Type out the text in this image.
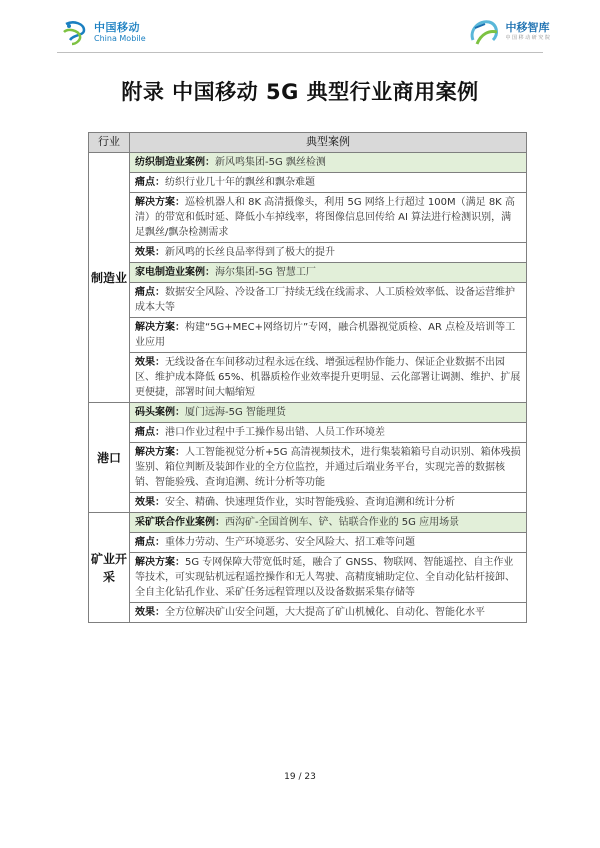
中国移动
China Mobile
中移智库
中 国 移 动 研 究 院
附录 中国移动 5G 典型行业商用案例
行业	典型案例
制造业	纺织制造业案例：新风鸣集团-5G 飘丝检测
	痛点：纺织行业几十年的飘丝和飘杂难题
	解决方案：巡检机器人和 8K 高清摄像头，利用 5G 网络上行超过 100M（满足 8K 高清）的带宽和低时延、降低小车掉线率，将图像信息回传给 AI 算法进行检测识别，满足飘丝/飘杂检测需求
	效果：新风鸣的长丝良品率得到了极大的提升
	家电制造业案例：海尔集团-5G 智慧工厂
	痛点：数据安全风险、冷设备工厂持续无线在线需求、人工质检效率低、设备运营维护成本大等
	解决方案：构建“5G+MEC+网络切片”专网，融合机器视觉质检、AR 点检及培训等工业应用
	效果：无线设备在车间移动过程永远在线、增强远程协作能力、保证企业数据不出园区、维护成本降低 65%、机器质检作业效率提升更明显、云化部署让调测、维护、扩展更便捷，部署时间大幅缩短
港口	码头案例：厦门远海-5G 智能理货
	痛点：港口作业过程中手工操作易出错、人员工作环境差
	解决方案：人工智能视觉分析+5G 高清视频技术，进行集装箱箱号自动识别、箱体残损鉴别、箱位判断及装卸作业的全方位监控，并通过后端业务平台，实现完善的数据核销、智能验残、查询追溯、统计分析等功能
	效果：安全、精确、快速理货作业，实时智能残验、查询追溯和统计分析
矿业开采	采矿联合作业案例：西沟矿-全国首例车、铲、钻联合作业的 5G 应用场景
	痛点：重体力劳动、生产环境恶劣、安全风险大、招工难等问题
	解决方案：5G 专网保障大带宽低时延，融合了 GNSS、物联网、智能遥控、自主作业等技术，可实现钻机远程遥控操作和无人驾驶、高精度辅助定位、全自动化钻杆接卸、全自主化钻孔作业、采矿任务远程管理以及设备数据采集存储等
	效果：全方位解决矿山安全问题，大大提高了矿山机械化、自动化、智能化水平
19 / 23
